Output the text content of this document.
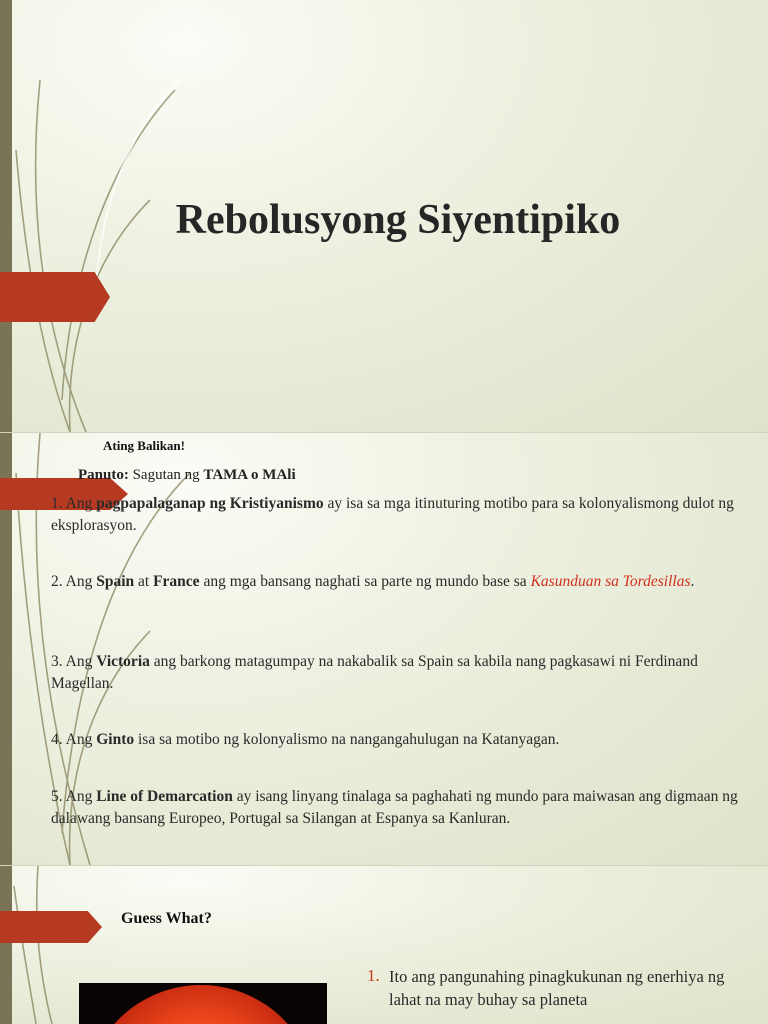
Rebolusyong Siyentipiko
Ating Balikan!
Panuto: Sagutan ng TAMA o MAli
1. Ang pagpapalaganap ng Kristiyanismo ay isa sa mga itinuturing motibo para sa kolonyalismong dulot ng eksplorasyon.
2. Ang Spain at France ang mga bansang naghati sa parte ng mundo base sa Kasunduan sa Tordesillas.
3. Ang Victoria ang barkong matagumpay na nakabalik sa Spain sa kabila nang pagkasawi ni Ferdinand Magellan.
4. Ang Ginto isa sa motibo ng kolonyalismo na nangangahulugan na Katanyagan.
5. Ang Line of Demarcation ay isang linyang tinalaga sa paghahati ng mundo para maiwasan ang digmaan ng dalawang bansang Europeo, Portugal sa Silangan at Espanya sa Kanluran.
Guess What?
1. Ito ang pangunahing pinagkukunan ng enerhiya ng lahat na may buhay sa planeta
